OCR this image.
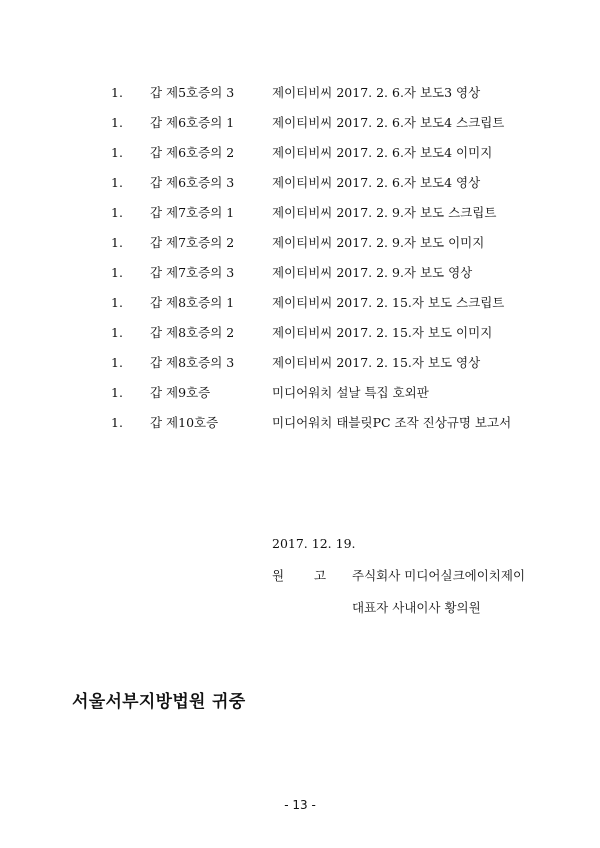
1. 갑 제5호증의 3	제이티비씨 2017. 2. 6.자 보도3 영상
1. 갑 제6호증의 1	제이티비씨 2017. 2. 6.자 보도4 스크립트
1. 갑 제6호증의 2	제이티비씨 2017. 2. 6.자 보도4 이미지
1. 갑 제6호증의 3	제이티비씨 2017. 2. 6.자 보도4 영상
1. 갑 제7호증의 1	제이티비씨 2017. 2. 9.자 보도 스크립트
1. 갑 제7호증의 2	제이티비씨 2017. 2. 9.자 보도 이미지
1. 갑 제7호증의 3	제이티비씨 2017. 2. 9.자 보도 영상
1. 갑 제8호증의 1	제이티비씨 2017. 2. 15.자 보도 스크립트
1. 갑 제8호증의 2	제이티비씨 2017. 2. 15.자 보도 이미지
1. 갑 제8호증의 3	제이티비씨 2017. 2. 15.자 보도 영상
1. 갑 제9호증	미디어워치 설날 특집 호외판
1. 갑 제10호증	미디어워치 태블릿PC 조작 진상규명 보고서
2017. 12. 19.
원 고 주식회사 미디어실크에이치제이
대표자 사내이사 황의원
서울서부지방법원 귀중
- 13 -
